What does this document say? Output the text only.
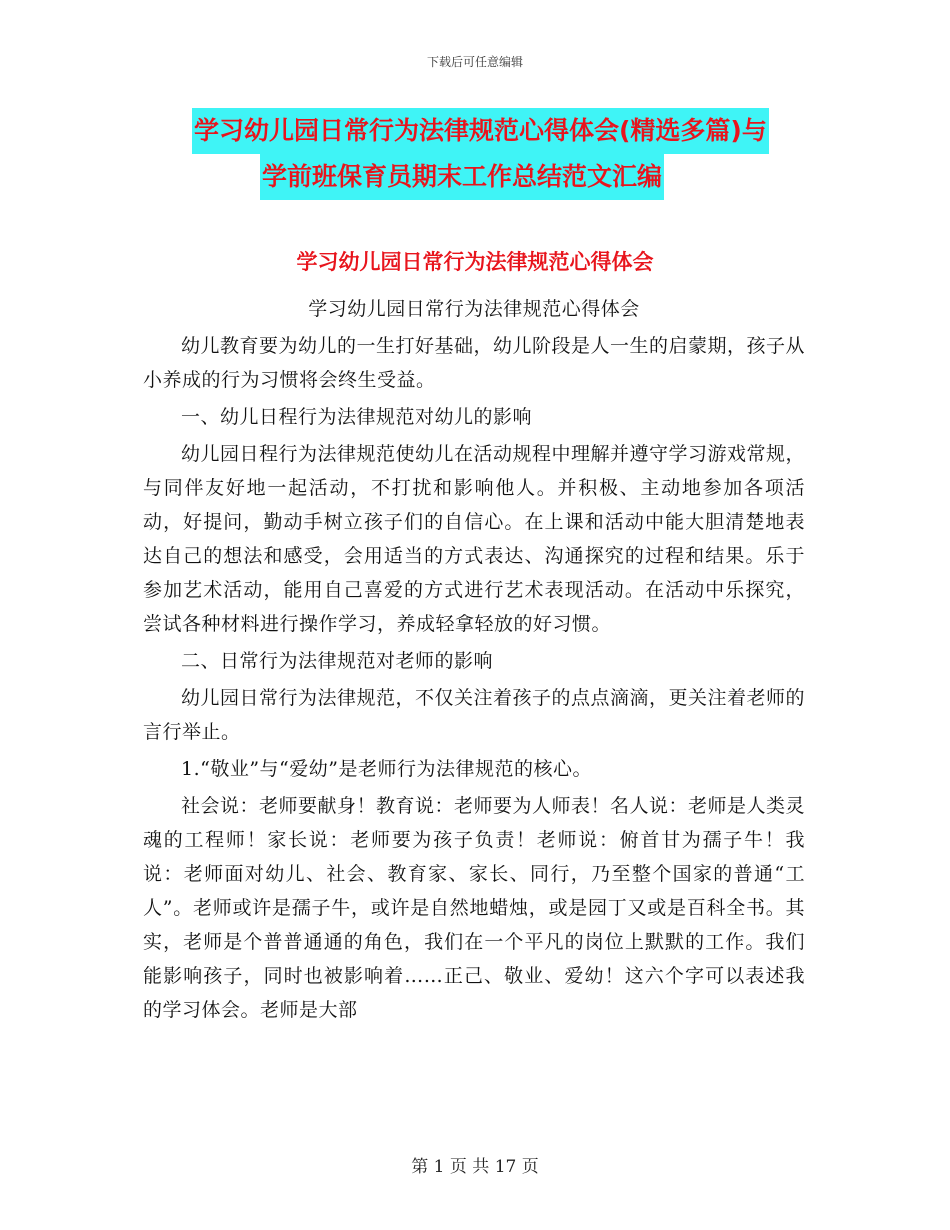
下载后可任意编辑
学习幼儿园日常行为法律规范心得体会(精选多篇)与
学前班保育员期末工作总结范文汇编
学习幼儿园日常行为法律规范心得体会

学习幼儿园日常行为法律规范心得体会

幼儿教育要为幼儿的一生打好基础，幼儿阶段是人一生的启蒙期，孩子从小养成的行为习惯将会终生受益。

一、幼儿日程行为法律规范对幼儿的影响

幼儿园日程行为法律规范使幼儿在活动规程中理解并遵守学习游戏常规，与同伴友好地一起活动，不打扰和影响他人。并积极、主动地参加各项活动，好提问，勤动手树立孩子们的自信心。在上课和活动中能大胆清楚地表达自己的想法和感受，会用适当的方式表达、沟通探究的过程和结果。乐于参加艺术活动，能用自己喜爱的方式进行艺术表现活动。在活动中乐探究，尝试各种材料进行操作学习，养成轻拿轻放的好习惯。

二、日常行为法律规范对老师的影响

幼儿园日常行为法律规范，不仅关注着孩子的点点滴滴，更关注着老师的言行举止。

1.“敬业”与“爱幼”是老师行为法律规范的核心。

社会说：老师要献身！教育说：老师要为人师表！名人说：老师是人类灵魂的工程师！家长说：老师要为孩子负责！老师说：俯首甘为孺子牛！我说：老师面对幼儿、社会、教育家、家长、同行，乃至整个国家的普通“工人”。老师或许是孺子牛，或许是自然地蜡烛，或是园丁又或是百科全书。其实，老师是个普普通通的角色，我们在一个平凡的岗位上默默的工作。我们能影响孩子，同时也被影响着……正己、敬业、爱幼！这六个字可以表述我的学习体会。老师是大部

第 1 页 共 17 页
